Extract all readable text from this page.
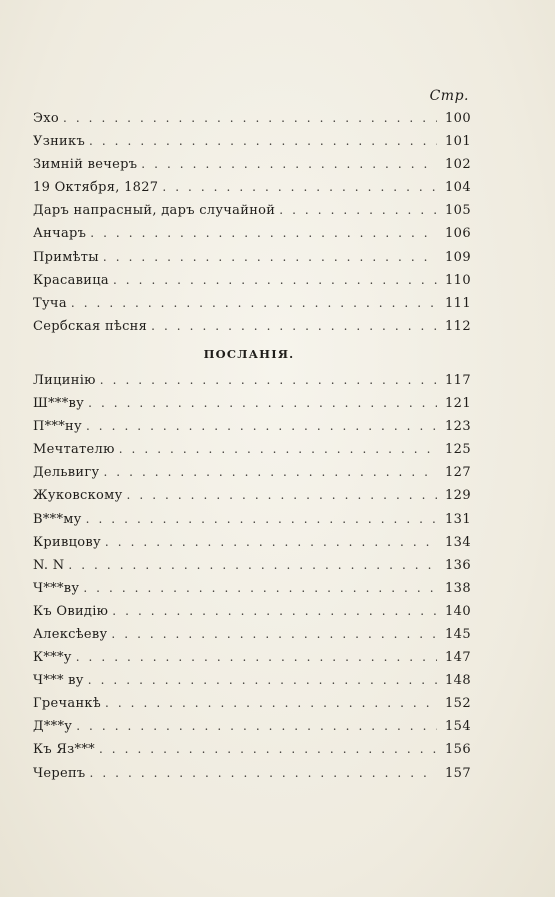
Стр.
Эхо . . .	100
Узникъ . . .	101
Зимній вечеръ . . .	102
19 Октября, 1827 . . .	104
Даръ напрасный, даръ случайной . . .	105
Анчаръ . . .	106
Примѣты . . .	109
Красавица . . .	110
Туча . . .	111
Сербская пѣсня . . .	112
ПОСЛАНІЯ.
Лицинію . . .	117
Ш***ву . . .	121
П***ну . . .	123
Мечтателю . . .	125
Дельвигу . . .	127
Жуковскому . . .	129
В***му . . .	131
Кривцову . . .	134
N. N . . .	136
Ч***ву . . .	138
Къ Овидію . . .	140
Алексѣеву . . .	145
К***у . . .	147
Ч*** ву . . .	148
Гречанкѣ . . .	152
Д***у . . .	154
Къ Яз*** . . .	156
Черепъ . . .	157
